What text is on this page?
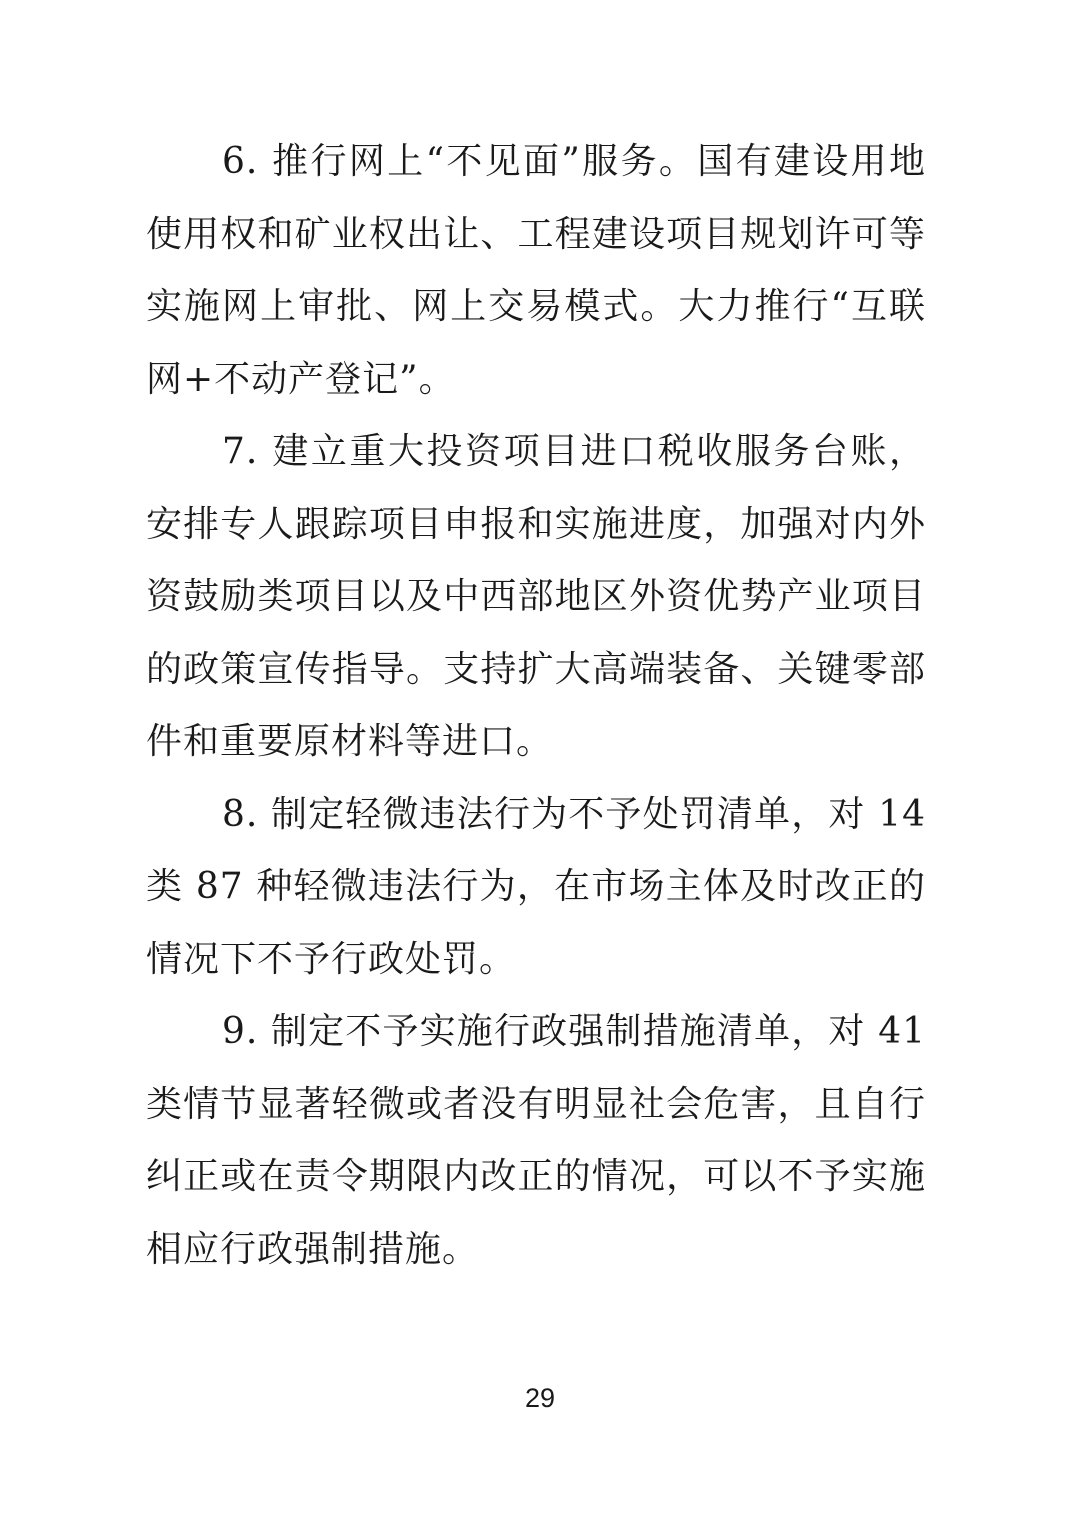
6. 推行网上“不见面”服务。国有建设用地使用权和矿业权出让、工程建设项目规划许可等实施网上审批、网上交易模式。大力推行“互联网+不动产登记”。

7. 建立重大投资项目进口税收服务台账，安排专人跟踪项目申报和实施进度，加强对内外资鼓励类项目以及中西部地区外资优势产业项目的政策宣传指导。支持扩大高端装备、关键零部件和重要原材料等进口。

8. 制定轻微违法行为不予处罚清单，对 14 类 87 种轻微违法行为，在市场主体及时改正的情况下不予行政处罚。

9. 制定不予实施行政强制措施清单，对 41 类情节显著轻微或者没有明显社会危害，且自行纠正或在责令期限内改正的情况，可以不予实施相应行政强制措施。

29
